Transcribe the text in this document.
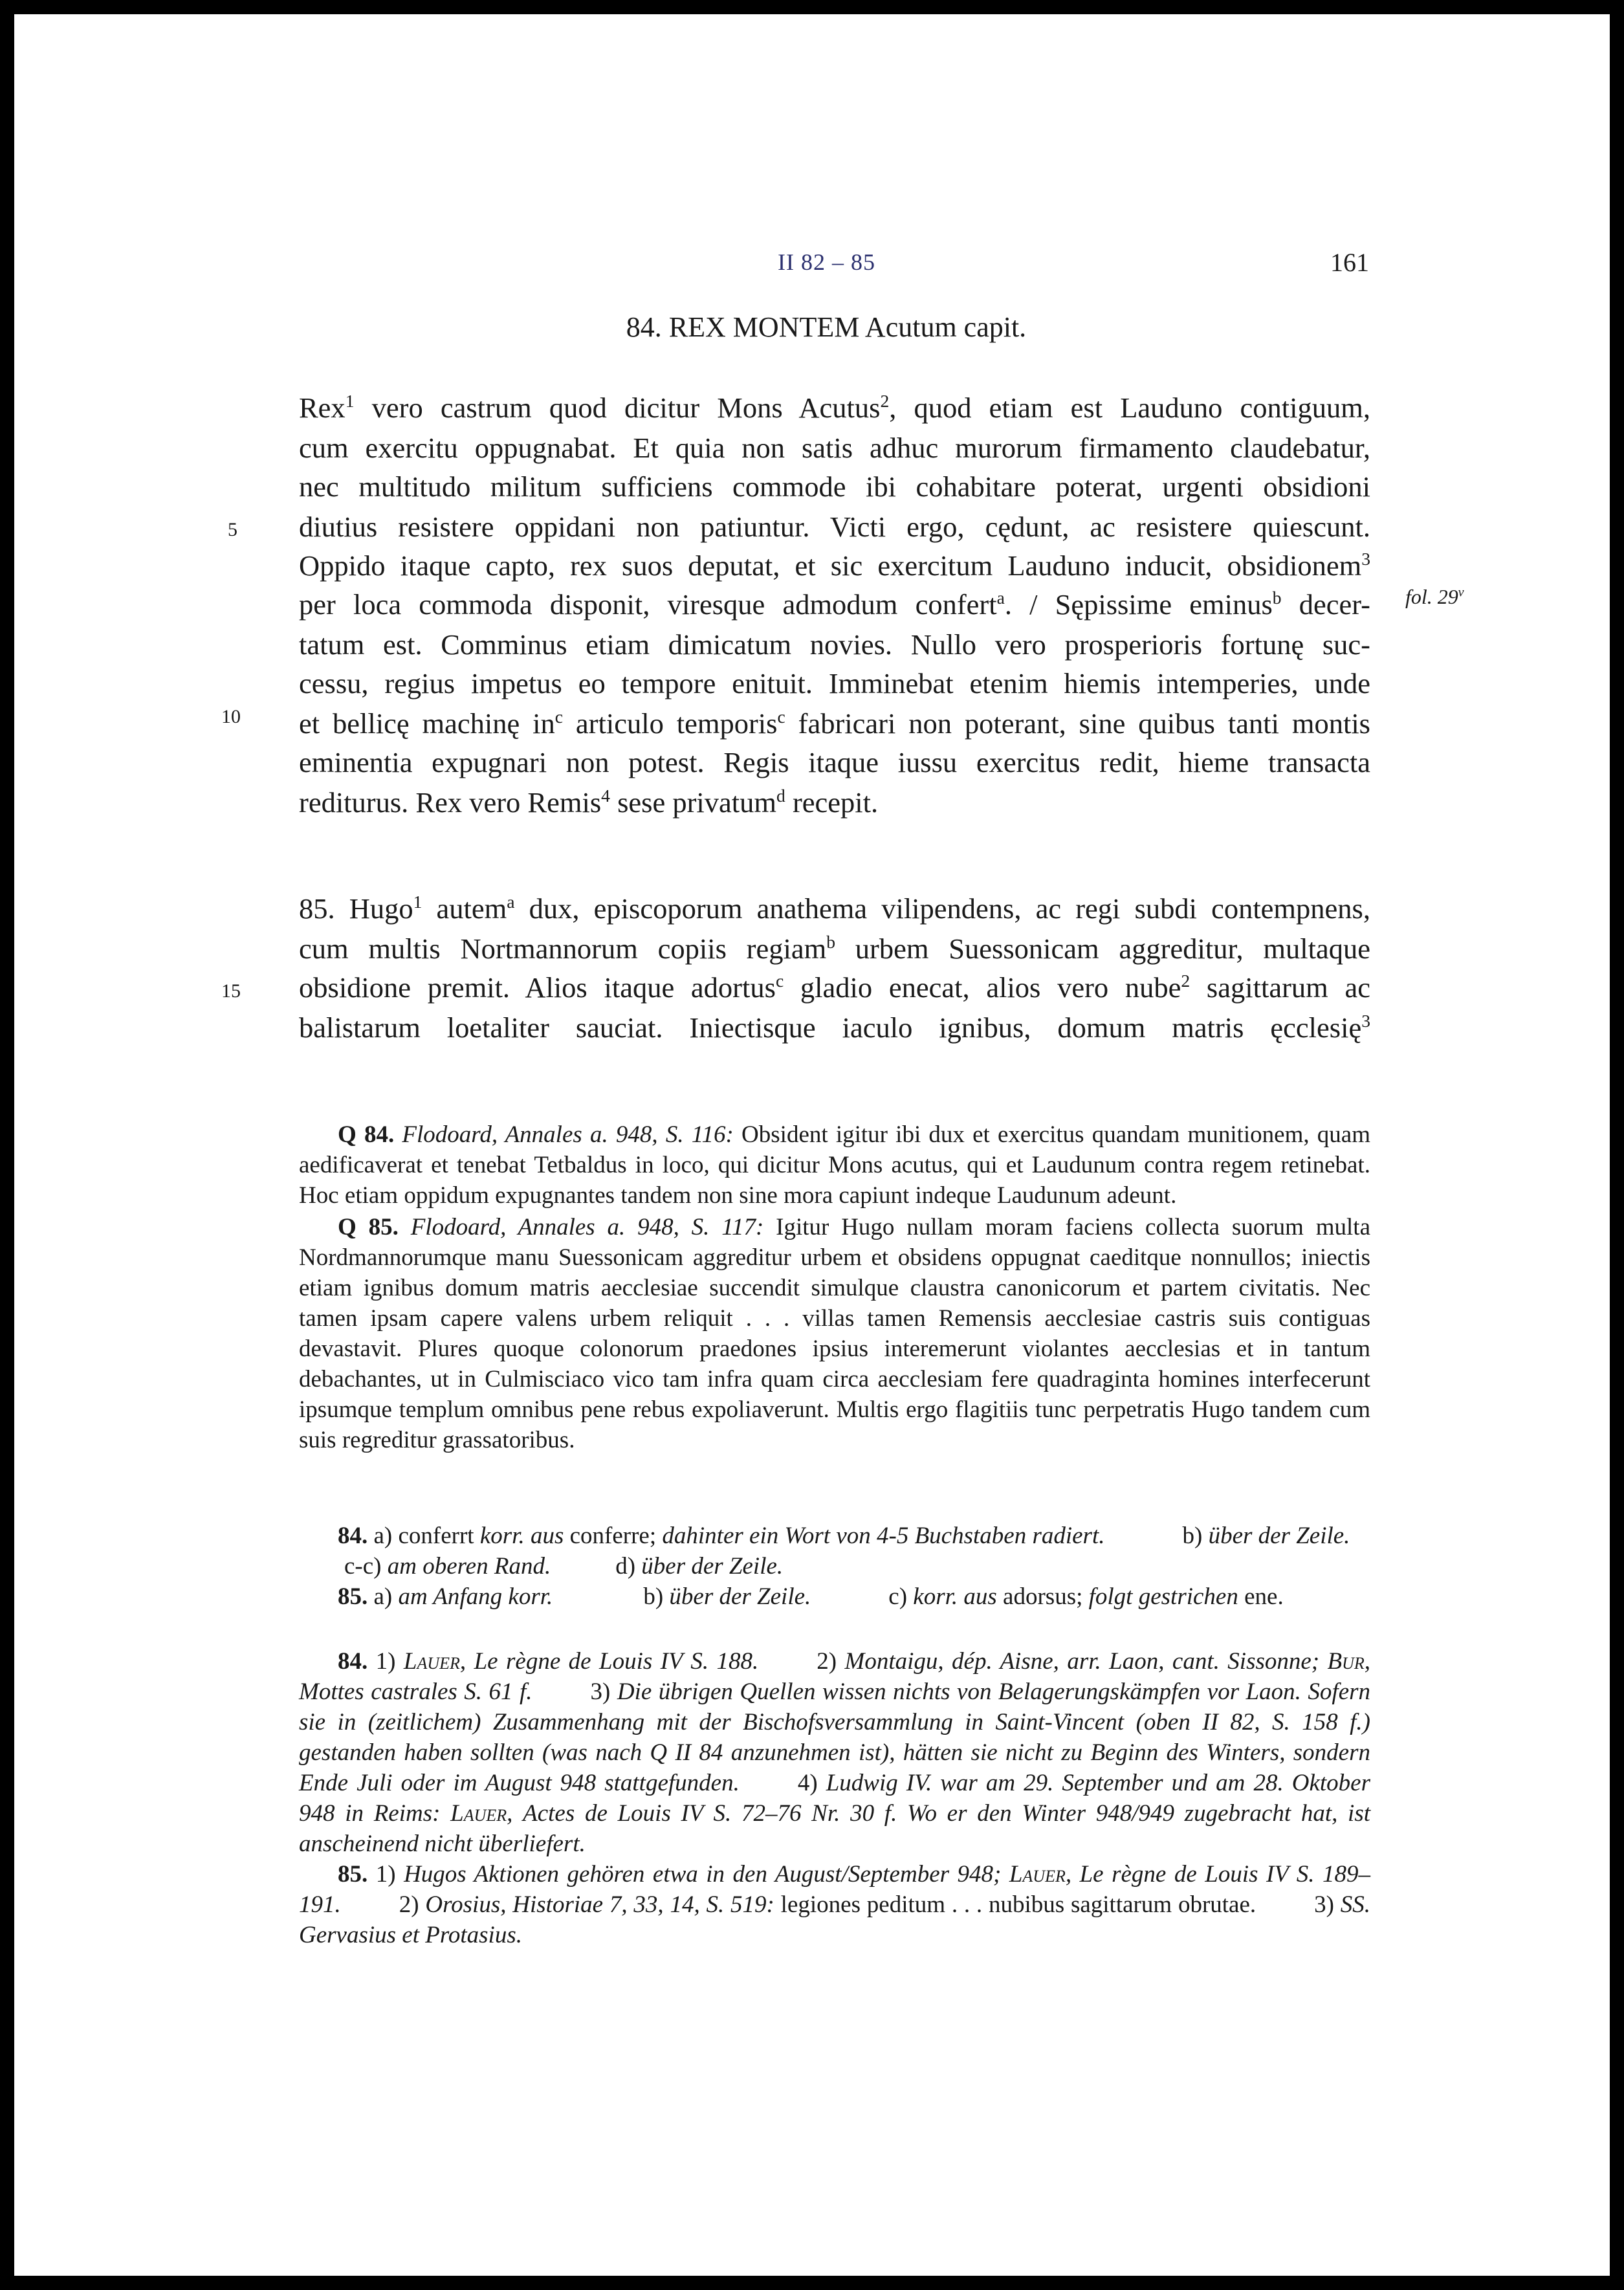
II 82 – 85	161
84. REX MONTEM Acutum capit.
Rex$^1$ vero castrum quod dicitur Mons Acutus$^2$, quod etiam est Lauduno contiguum,
cum exercitu oppugnabat. Et quia non satis adhuc murorum firmamento claudebatur,
nec multitudo militum sufficiens commode ibi cohabitare poterat, urgenti obsidioni
diutius resistere oppidani non patiuntur. Victi ergo, cędunt, ac resistere quiescunt.
Oppido itaque capto, rex suos deputat, et sic exercitum Lauduno inducit, obsidionem$^3$
per loca commoda disponit, viresque admodum confert$^a$. / Sępissime eminus$^b$ decer-
tatum est. Comminus etiam dimicatum novies. Nullo vero prosperioris fortunę suc-
cessu, regius impetus eo tempore enituit. Imminebat etenim hiemis intemperies, unde
et bellicę machinę $in^c$ articulo temporis$^c$ fabricari non poterant, sine quibus tanti montis
eminentia expugnari non potest. Regis itaque iussu exercitus redit, hieme transacta
rediturus. Rex vero Remis$^4$ sese privatum$^d$ recepit.
85. Hugo$^1$ autem$^a$ dux, episcoporum anathema vilipendens, ac regi subdi contempnens,
cum multis Nortmannorum copiis regiam$^b$ urbem Suessonicam aggreditur, multaque
obsidione premit. Alios itaque adortus$^c$ gladio enecat, alios vero nube$^2$ sagittarum ac
balistarum loetaliter sauciat. Iniectisque iaculo ignibus, domum matris ęcclesię$^3$
5
10
15
fol. 29$^v$

Q 84. Flodoard, Annales a. 948, S. 116: Obsident igitur ibi dux et exercitus quandam munitionem, quam aedificaverat et tenebat Tetbaldus in loco, qui dicitur Mons acutus, qui et Laudunum contra regem retinebat. Hoc etiam oppidum expugnantes tandem non sine mora capiunt indeque Laudunum adeunt.

Q 85. Flodoard, Annales a. 948, S. 117: Igitur Hugo nullam moram faciens collecta suorum multa Nordmannorumque manu Suessonicam aggreditur urbem et obsidens oppugnat caeditque nonnullos; iniectis etiam ignibus domum matris aecclesiae succendit simulque claustra canonicorum et partem civitatis. Nec tamen ipsam capere valens urbem reliquit . . . villas tamen Remensis aecclesiae castris suis contiguas devastavit. Plures quoque colonorum praedones ipsius interemerunt violantes aecclesias et in tantum debachantes, ut in Culmisciaco vico tam infra quam circa aecclesiam fere quadraginta homines interfecerunt ipsumque templum omnibus pene rebus expoliaverunt. Multis ergo flagitiis tunc perpetratis Hugo tandem cum suis regreditur grassatoribus.

84. a) conferrt korr. aus conferre; dahinter ein Wort von 4-5 Buchstaben radiert.	b) über der Zeile.c-c) am oberen Rand.	d) über der Zeile.

85. a) am Anfang korr.	b) über der Zeile.	c) korr. aus adorsus; folgt gestrichen ene.

84. 1) Lauer, Le règne de Louis IV S. 188. 2) Montaigu, dép. Aisne, arr. Laon, cant. Sissonne; Bur, Mottes castrales S. 61 f. 3) Die übrigen Quellen wissen nichts von Belagerungskämpfen vor Laon. Sofern sie in (zeitlichem) Zusammenhang mit der Bischofsversammlung in Saint-Vincent (oben II 82, S. 158 f.) gestanden haben sollten (was nach Q II 84 anzunehmen ist), hätten sie nicht zu Beginn des Winters, sondern Ende Juli oder im August 948 stattgefunden. 4) Ludwig IV. war am 29. September und am 28. Oktober 948 in Reims: Lauer, Actes de Louis IV S. 72–76 Nr. 30 f. Wo er den Winter 948/949 zugebracht hat, ist anscheinend nicht überliefert.

85. 1) Hugos Aktionen gehören etwa in den August/September 948; Lauer, Le règne de Louis IV S. 189–191. 2) Orosius, Historiae 7, 33, 14, S. 519: legiones peditum . . . nubibus sagittarum obrutae. 3) SS. Gervasius et Protasius.
